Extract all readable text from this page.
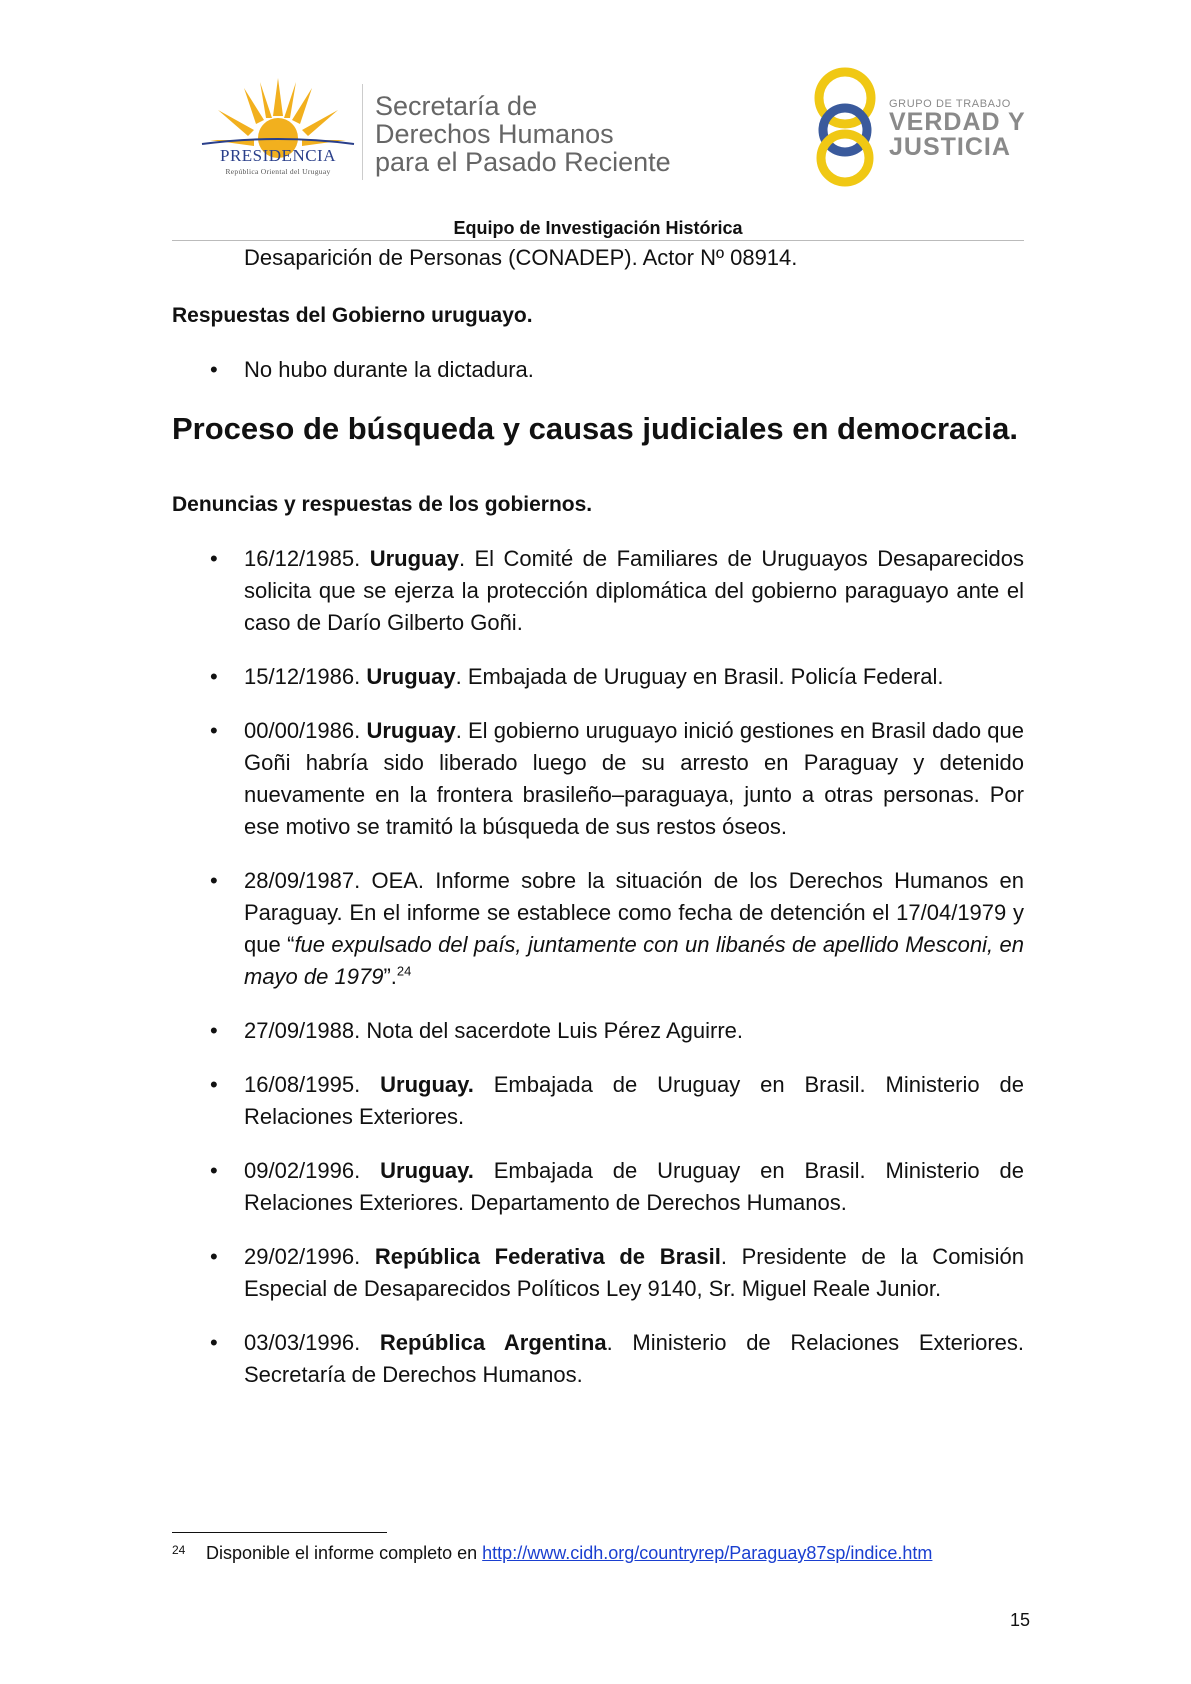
PRESIDENCIA
República Oriental del Uruguay
Secretaría de
Derechos Humanos
para el Pasado Reciente
GRUPO DE TRABAJO
VERDAD Y
JUSTICIA
Equipo de Investigación Histórica
Desaparición de Personas (CONADEP). Actor Nº 08914.
Respuestas del Gobierno uruguayo.
• No hubo durante la dictadura.
Proceso de búsqueda y causas judiciales en democracia.
Denuncias y respuestas de los gobiernos.
• 16/12/1985. Uruguay. El Comité de Familiares de Uruguayos Desaparecidos solicita que se ejerza la protección diplomática del gobierno paraguayo ante el caso de Darío Gilberto Goñi.
• 15/12/1986. Uruguay. Embajada de Uruguay en Brasil. Policía Federal.
• 00/00/1986. Uruguay. El gobierno uruguayo inició gestiones en Brasil dado que Goñi habría sido liberado luego de su arresto en Paraguay y detenido nuevamente en la frontera brasileño–paraguaya, junto a otras personas. Por ese motivo se tramitó la búsqueda de sus restos óseos.
• 28/09/1987. OEA. Informe sobre la situación de los Derechos Humanos en Paraguay. En el informe se establece como fecha de detención el 17/04/1979 y que “fue expulsado del país, juntamente con un libanés de apellido Mesconi, en mayo de 1979”.$^{24}$
• 27/09/1988. Nota del sacerdote Luis Pérez Aguirre.
• 16/08/1995. Uruguay. Embajada de Uruguay en Brasil. Ministerio de Relaciones Exteriores.
• 09/02/1996. Uruguay. Embajada de Uruguay en Brasil. Ministerio de Relaciones Exteriores. Departamento de Derechos Humanos.
• 29/02/1996. República Federativa de Brasil. Presidente de la Comisión Especial de Desaparecidos Políticos Ley 9140, Sr. Miguel Reale Junior.
• 03/03/1996. República Argentina. Ministerio de Relaciones Exteriores. Secretaría de Derechos Humanos.
24 Disponible el informe completo en http://www.cidh.org/countryrep/Paraguay87sp/indice.htm
15
